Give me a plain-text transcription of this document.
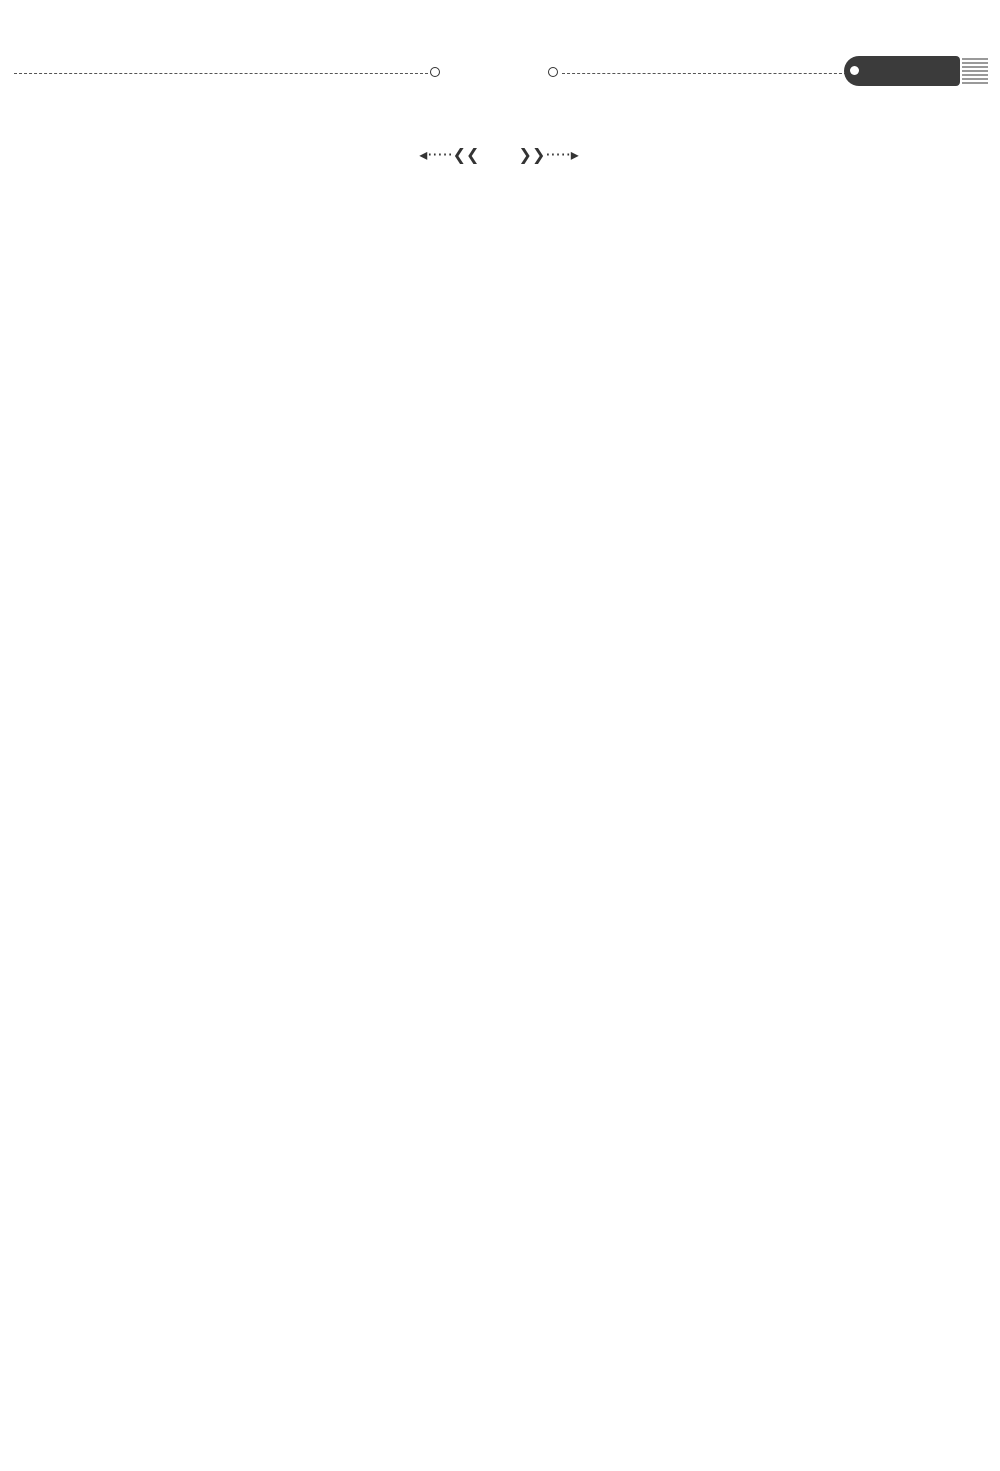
◂·····❮❮ ❯❯·····▸
